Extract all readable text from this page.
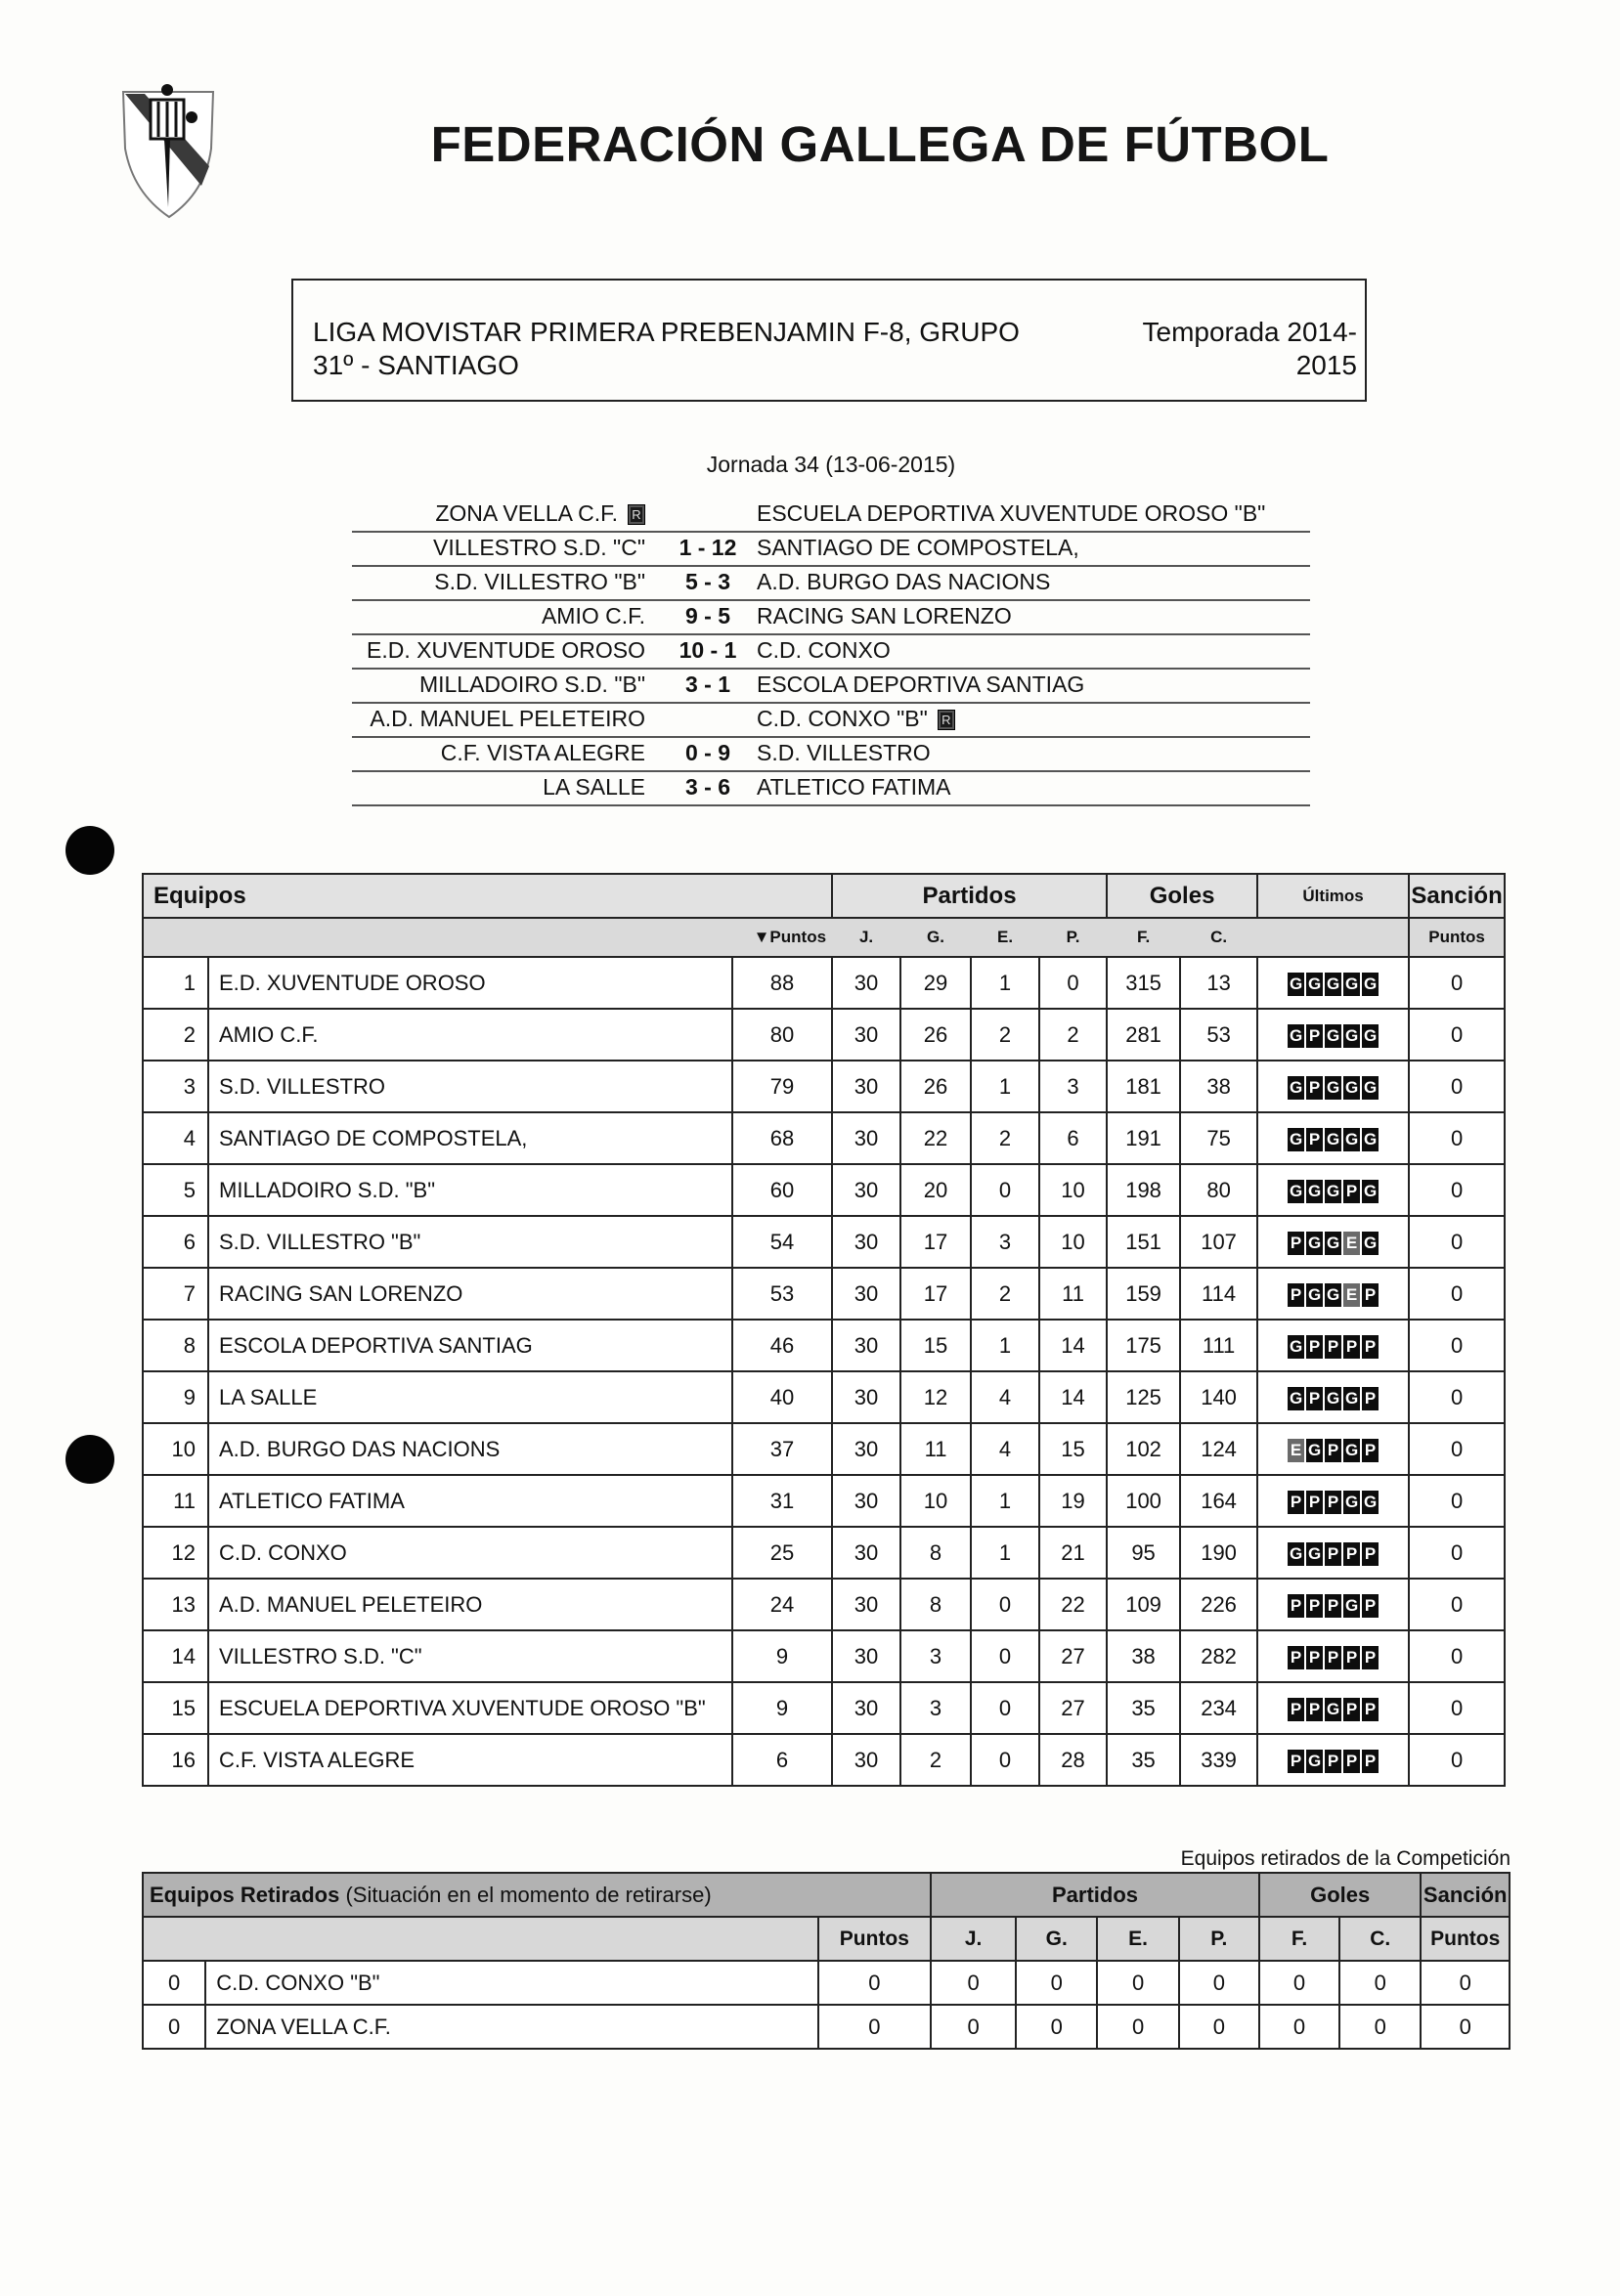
FEDERACIÓN GALLEGA DE FÚTBOL
LIGA MOVISTAR PRIMERA PREBENJAMIN F-8, GRUPO 31º - SANTIAGO
Temporada 2014-2015
Jornada 34 (13-06-2015)
ZONA VELLA C.F. R	ESCUELA DEPORTIVA XUVENTUDE OROSO "B"
VILLESTRO S.D. "C"	1 - 12 SANTIAGO DE COMPOSTELA,
S.D. VILLESTRO "B"	5 - 3	A.D. BURGO DAS NACIONS
AMIO C.F.	9 - 5	RACING SAN LORENZO
E.D. XUVENTUDE OROSO	10 - 1 C.D. CONXO
MILLADOIRO S.D. "B"	3 - 1	ESCOLA DEPORTIVA SANTIAG
A.D. MANUEL PELETEIRO	C.D. CONXO "B" R
C.F. VISTA ALEGRE	0 - 9	S.D. VILLESTRO
LA SALLE	3 - 6	ATLETICO FATIMA
Equipos			Partidos				Goles		Últimos	Sanción
		▼Puntos	J.	G.	E.	P.	F.	C.		Puntos
1	E.D. XUVENTUDE OROSO	88	30	29	1	0	315	13	G G G G G	0
2	AMIO C.F.	80	30	26	2	2	281	53	G P G G G	0
3	S.D. VILLESTRO	79	30	26	1	3	181	38	G P G G G	0
4	SANTIAGO DE COMPOSTELA,	68	30	22	2	6	191	75	G P G G G	0
5	MILLADOIRO S.D. "B"	60	30	20	0	10	198	80	G G G P G	0
6	S.D. VILLESTRO "B"	54	30	17	3	10	151	107	P G G E G	0
7	RACING SAN LORENZO	53	30	17	2	11	159	114	P G G E P	0
8	ESCOLA DEPORTIVA SANTIAG	46	30	15	1	14	175	111	G P P P P	0
9	LA SALLE	40	30	12	4	14	125	140	G P G G P	0
10	A.D. BURGO DAS NACIONS	37	30	11	4	15	102	124	E G P G P	0
11	ATLETICO FATIMA	31	30	10	1	19	100	164	P P P G G	0
12	C.D. CONXO	25	30	8	1	21	95	190	G G P P P	0
13	A.D. MANUEL PELETEIRO	24	30	8	0	22	109	226	P P P G P	0
14	VILLESTRO S.D. "C"	9	30	3	0	27	38	282	P P P P P	0
15	ESCUELA DEPORTIVA XUVENTUDE OROSO "B"	9	30	3	0	27	35	234	P P G P P	0
16	C.F. VISTA ALEGRE	6	30	2	0	28	35	339	P G P P P	0
Equipos retirados de la Competición
Equipos Retirados (Situación en el momento de retirarse)			Partidos				Goles		Sanción
		Puntos	J.	G.	E.	P.	F.	C.	Puntos
0	C.D. CONXO "B"	0	0	0	0	0	0	0	0
0	ZONA VELLA C.F.	0	0	0	0	0	0	0	0
